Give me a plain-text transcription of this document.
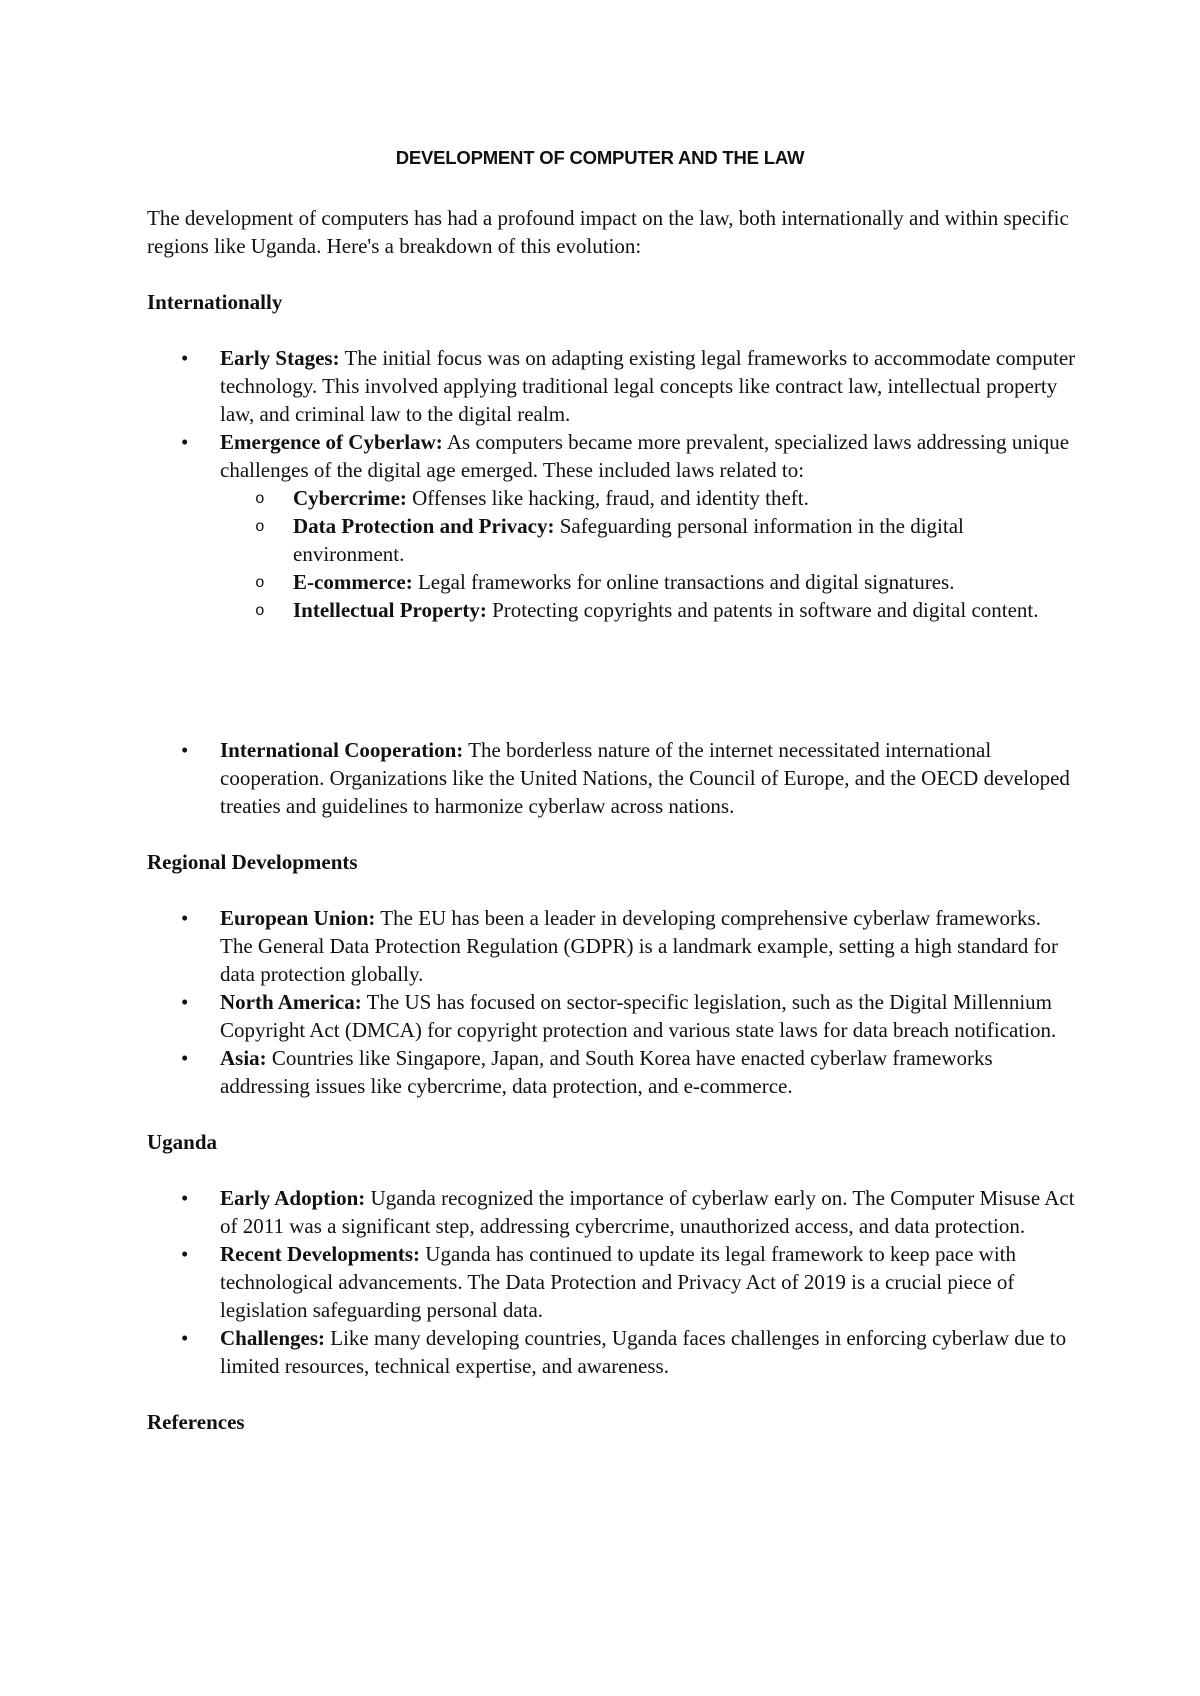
DEVELOPMENT OF COMPUTER AND THE LAW

The development of computers has had a profound impact on the law, both internationally and within specific regions like Uganda. Here's a breakdown of this evolution:

Internationally

• Early Stages: The initial focus was on adapting existing legal frameworks to accommodate computer technology. This involved applying traditional legal concepts like contract law, intellectual property law, and criminal law to the digital realm.
• Emergence of Cyberlaw: As computers became more prevalent, specialized laws addressing unique challenges of the digital age emerged. These included laws related to:
o Cybercrime: Offenses like hacking, fraud, and identity theft.
o Data Protection and Privacy: Safeguarding personal information in the digital environment.
o E-commerce: Legal frameworks for online transactions and digital signatures.
o Intellectual Property: Protecting copyrights and patents in software and digital content.
• International Cooperation: The borderless nature of the internet necessitated international cooperation. Organizations like the United Nations, the Council of Europe, and the OECD developed treaties and guidelines to harmonize cyberlaw across nations.

Regional Developments

• European Union: The EU has been a leader in developing comprehensive cyberlaw frameworks. The General Data Protection Regulation (GDPR) is a landmark example, setting a high standard for data protection globally.
• North America: The US has focused on sector-specific legislation, such as the Digital Millennium Copyright Act (DMCA) for copyright protection and various state laws for data breach notification.
• Asia: Countries like Singapore, Japan, and South Korea have enacted cyberlaw frameworks addressing issues like cybercrime, data protection, and e-commerce.

Uganda

• Early Adoption: Uganda recognized the importance of cyberlaw early on. The Computer Misuse Act of 2011 was a significant step, addressing cybercrime, unauthorized access, and data protection.
• Recent Developments: Uganda has continued to update its legal framework to keep pace with technological advancements. The Data Protection and Privacy Act of 2019 is a crucial piece of legislation safeguarding personal data.
• Challenges: Like many developing countries, Uganda faces challenges in enforcing cyberlaw due to limited resources, technical expertise, and awareness.

References
